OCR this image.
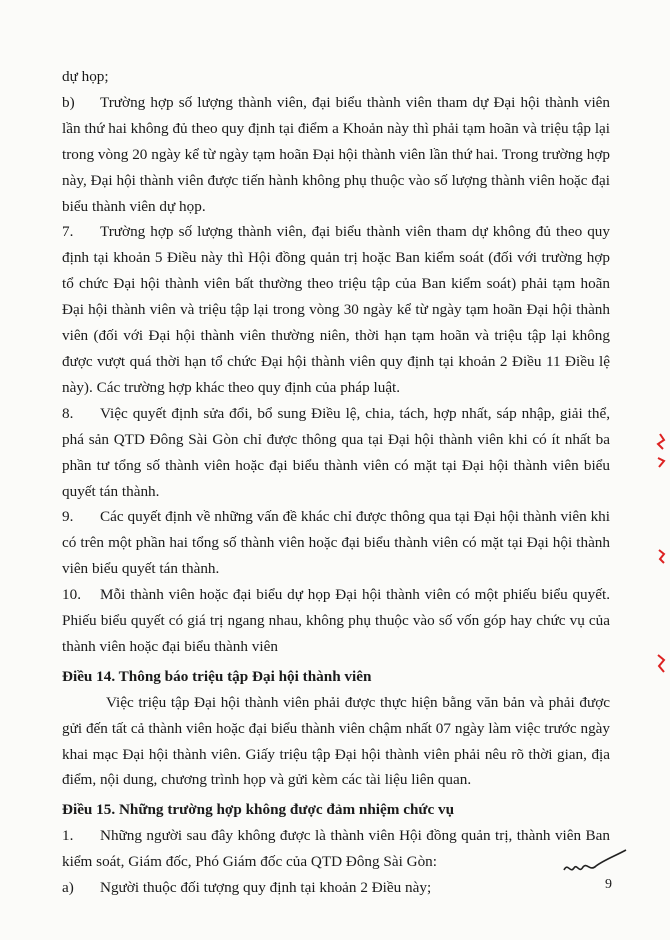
dự họp;

b) Trường hợp số lượng thành viên, đại biểu thành viên tham dự Đại hội thành viên lần thứ hai không đủ theo quy định tại điểm a Khoản này thì phải tạm hoãn và triệu tập lại trong vòng 20 ngày kể từ ngày tạm hoãn Đại hội thành viên lần thứ hai. Trong trường hợp này, Đại hội thành viên được tiến hành không phụ thuộc vào số lượng thành viên hoặc đại biểu thành viên dự họp.

7. Trường hợp số lượng thành viên, đại biểu thành viên tham dự không đủ theo quy định tại khoản 5 Điều này thì Hội đồng quản trị hoặc Ban kiểm soát (đối với trường hợp tổ chức Đại hội thành viên bất thường theo triệu tập của Ban kiểm soát) phải tạm hoãn Đại hội thành viên và triệu tập lại trong vòng 30 ngày kể từ ngày tạm hoãn Đại hội thành viên (đối với Đại hội thành viên thường niên, thời hạn tạm hoãn và triệu tập lại không được vượt quá thời hạn tổ chức Đại hội thành viên quy định tại khoản 2 Điều 11 Điều lệ này). Các trường hợp khác theo quy định của pháp luật.

8. Việc quyết định sửa đổi, bổ sung Điều lệ, chia, tách, hợp nhất, sáp nhập, giải thể, phá sản QTD Đông Sài Gòn chỉ được thông qua tại Đại hội thành viên khi có ít nhất ba phần tư tổng số thành viên hoặc đại biểu thành viên có mặt tại Đại hội thành viên biểu quyết tán thành.

9. Các quyết định về những vấn đề khác chỉ được thông qua tại Đại hội thành viên khi có trên một phần hai tổng số thành viên hoặc đại biểu thành viên có mặt tại Đại hội thành viên biểu quyết tán thành.

10. Mỗi thành viên hoặc đại biểu dự họp Đại hội thành viên có một phiếu biểu quyết. Phiếu biểu quyết có giá trị ngang nhau, không phụ thuộc vào số vốn góp hay chức vụ của thành viên hoặc đại biểu thành viên

Điều 14. Thông báo triệu tập Đại hội thành viên

Việc triệu tập Đại hội thành viên phải được thực hiện bằng văn bản và phải được gửi đến tất cả thành viên hoặc đại biểu thành viên chậm nhất 07 ngày làm việc trước ngày khai mạc Đại hội thành viên. Giấy triệu tập Đại hội thành viên phải nêu rõ thời gian, địa điểm, nội dung, chương trình họp và gửi kèm các tài liệu liên quan.

Điều 15. Những trường hợp không được đảm nhiệm chức vụ

1. Những người sau đây không được là thành viên Hội đồng quản trị, thành viên Ban kiểm soát, Giám đốc, Phó Giám đốc của QTD Đông Sài Gòn:

a) Người thuộc đối tượng quy định tại khoản 2 Điều này;	9
